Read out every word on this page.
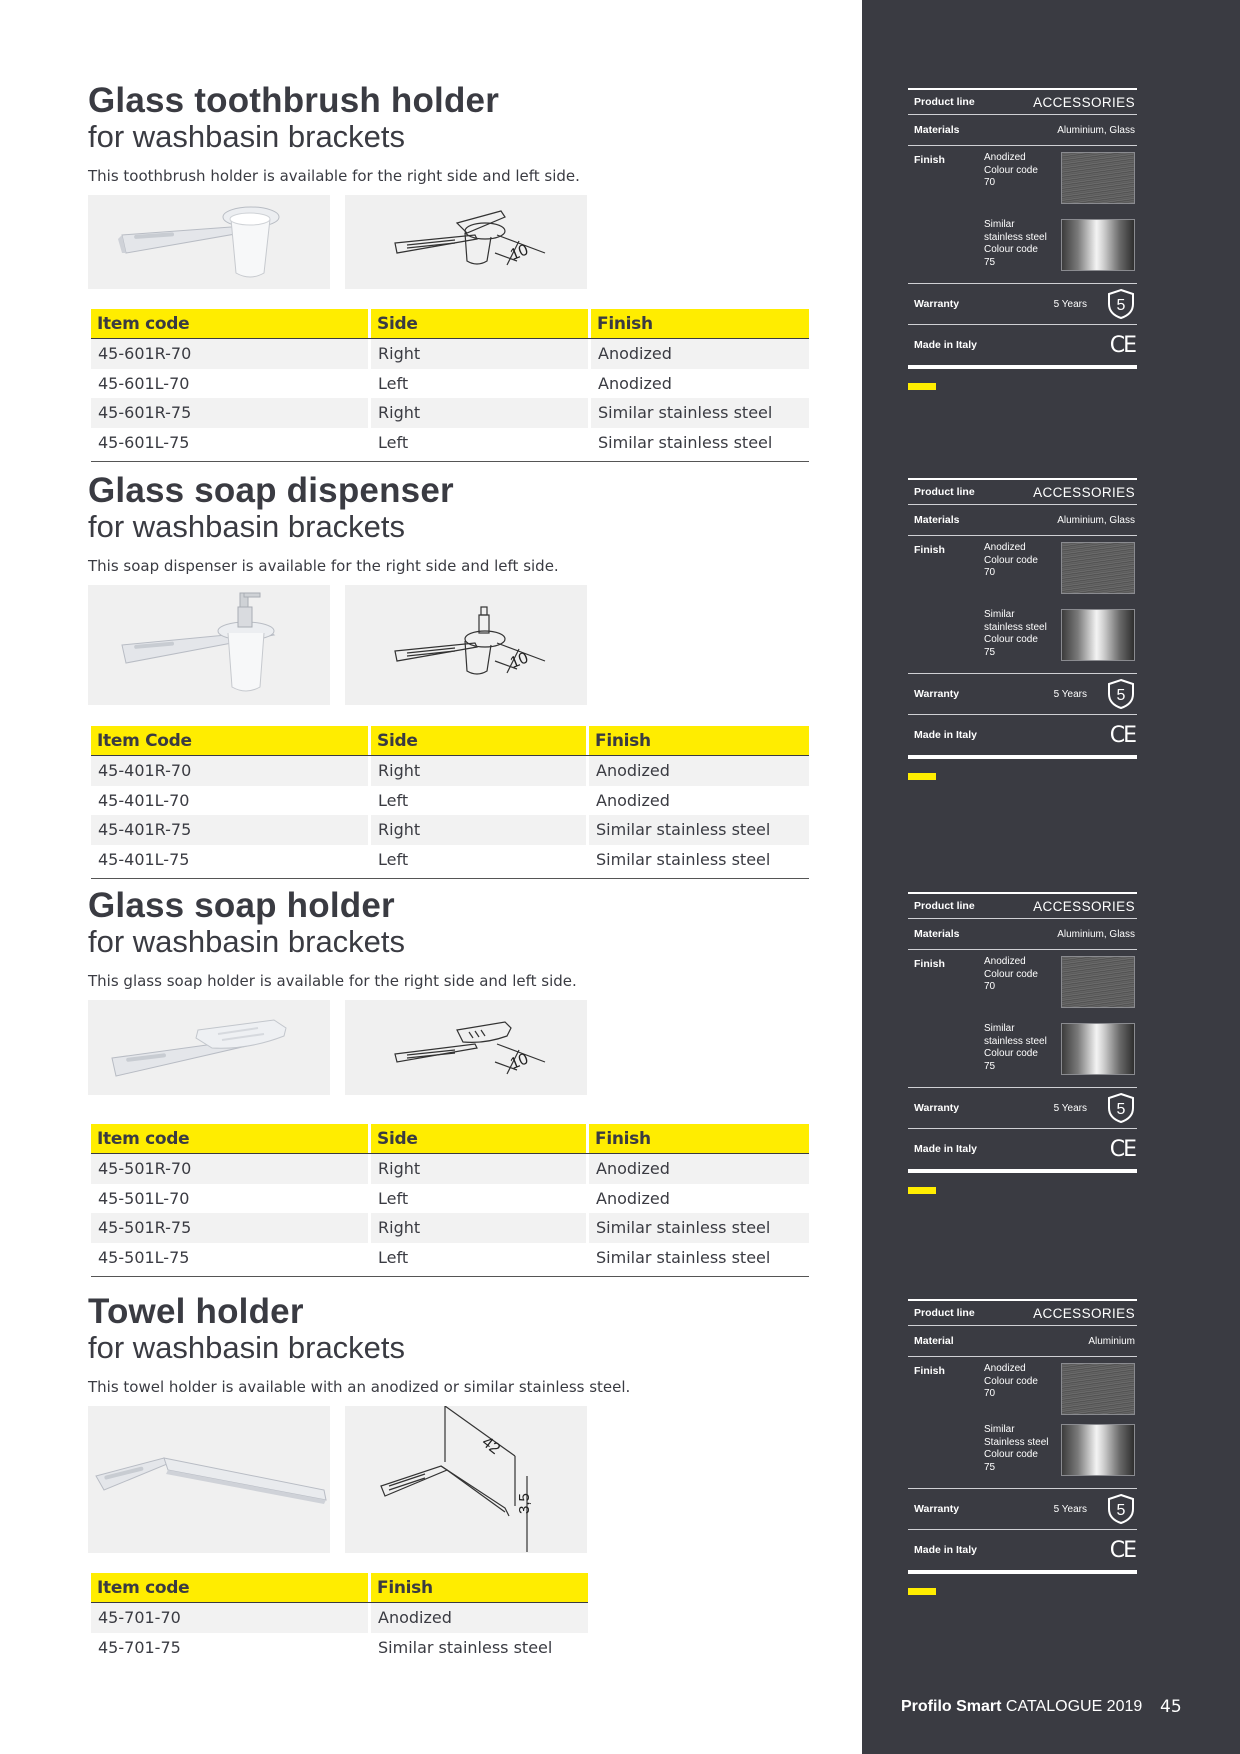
Glass toothbrush holder
for washbasin brackets
This toothbrush holder is available for the right side and left side.
10
Item code	Side	Finish
45-601R-70	Right	Anodized
45-601L-70	Left	Anodized
45-601R-75	Right	Similar stainless steel
45-601L-75	Left	Similar stainless steel
Glass soap dispenser
for washbasin brackets
This soap dispenser is available for the right side and left side.
10
Item Code	Side	Finish
45-401R-70	Right	Anodized
45-401L-70	Left	Anodized
45-401R-75	Right	Similar stainless steel
45-401L-75	Left	Similar stainless steel
Glass soap holder
for washbasin brackets
This glass soap holder is available for the right side and left side.
10
Item code	Side	Finish
45-501R-70	Right	Anodized
45-501L-70	Left	Anodized
45-501R-75	Right	Similar stainless steel
45-501L-75	Left	Similar stainless steel
Towel holder
for washbasin brackets
This towel holder is available with an anodized or similar stainless steel.
42
3,5
Item code	Finish
45-701-70	Anodized
45-701-75	Similar stainless steel
Product line	ACCESSORIES
Materials	Aluminium, Glass
Finish	Anodized
Colour code
70
Similar
stainless steel
Colour code
75
Warranty	5 Years 5
Made in Italy	CE
Product line	ACCESSORIES
Materials	Aluminium, Glass
Finish	Anodized
Colour code
70
Similar
stainless steel
Colour code
75
Warranty	5 Years 5
Made in Italy	CE
Product line	ACCESSORIES
Materials	Aluminium, Glass
Finish	Anodized
Colour code
70
Similar
stainless steel
Colour code
75
Warranty	5 Years 5
Made in Italy	CE
Product line	ACCESSORIES
Material	Aluminium
Finish	Anodized
Colour code
70
Similar
Stainless steel
Colour code
75
Warranty	5 Years 5
Made in Italy	CE
Profilo Smart CATALOGUE 2019 45
